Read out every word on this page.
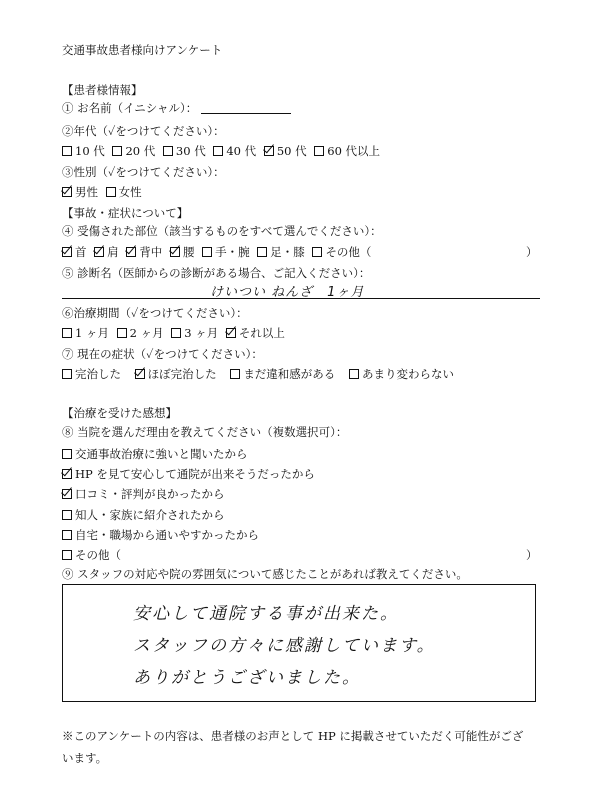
交通事故患者様向けアンケート
【患者様情報】
① お名前（イニシャル）：
②年代（✓をつけてください）：
10 代 20 代 30 代 40 代 50 代 60 代以上
③性別（✓をつけてください）：
男性 女性
【事故・症状について】
④ 受傷された部位（該当するものをすべて選んでください）：
首 肩 背中 腰 手・腕 足・膝 その他（	）
⑤ 診断名（医師からの診断がある場合、ご記入ください）：
けいつい ねんざ　1ヶ月
⑥治療期間（✓をつけてください）：
1 ヶ月 2 ヶ月 3 ヶ月 それ以上
⑦ 現在の症状（✓をつけてください）：
完治した ほぼ完治した まだ違和感がある あまり変わらない
【治療を受けた感想】
⑧ 当院を選んだ理由を教えてください（複数選択可）：
交通事故治療に強いと聞いたから
HP を見て安心して通院が出来そうだったから
口コミ・評判が良かったから
知人・家族に紹介されたから
自宅・職場から通いやすかったから
その他（	）
⑨ スタッフの対応や院の雰囲気について感じたことがあれば教えてください。
安心して通院する事が出来た。
スタッフの方々に感謝しています。
ありがとうございました。
※このアンケートの内容は、患者様のお声として HP に掲載させていただく可能性がござ
います。
